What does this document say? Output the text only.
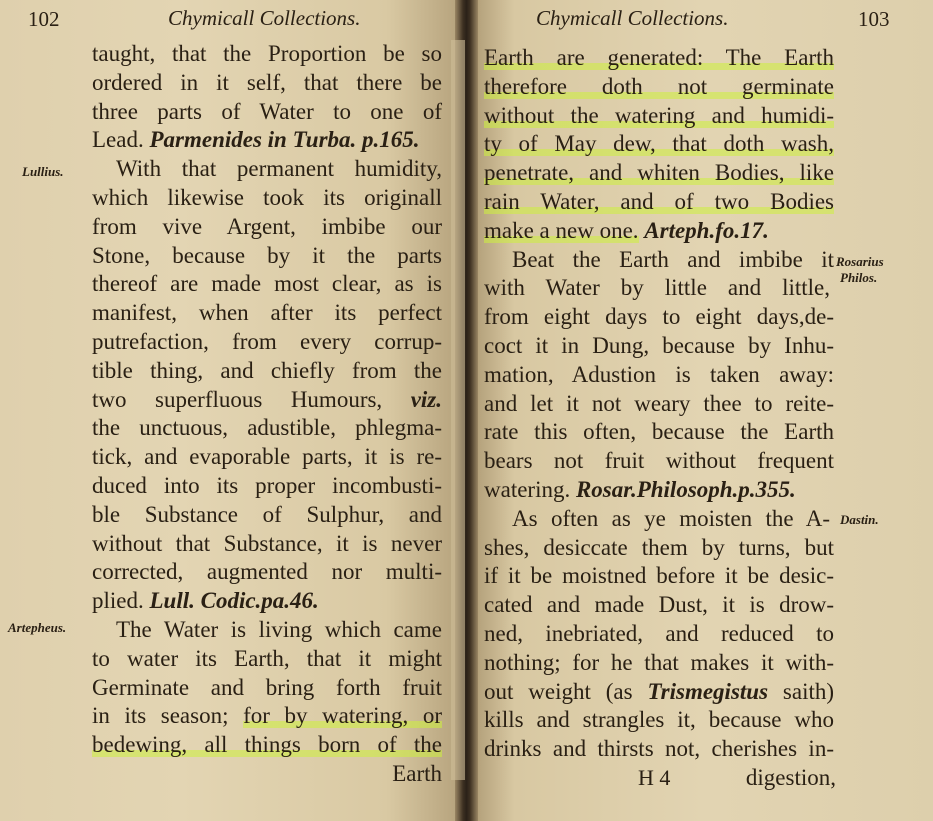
102	Chymicall Collections.
Lullius.
Artepheus.
taught, that the Proportion be so
ordered in it self, that there be
three parts of Water to one of
Lead. Parmenides in Turba. p.165.
With that permanent humidity,
which likewise took its originall
from vive Argent, imbibe our
Stone, because by it the parts
thereof are made most clear, as is
manifest, when after its perfect
putrefaction, from every corrup-
tible thing, and chiefly from the
two superfluous Humours, viz.
the unctuous, adustible, phlegma-
tick, and evaporable parts, it is re-
duced into its proper incombusti-
ble Substance of Sulphur, and
without that Substance, it is never
corrected, augmented nor multi-
plied. Lull. Codic.pa.46.
The Water is living which came
to water its Earth, that it might
Germinate and bring forth fruit
in its season; for by watering, or
bedewing, all things born of the
Earth
Chymicall Collections.	103
Rosarius
Philos.
Dastin.
Earth are generated: The Earth
therefore doth not germinate
without the watering and humidi-
ty of May dew, that doth wash,
penetrate, and whiten Bodies, like
rain Water, and of two Bodies
make a new one. Arteph.fo.17.
Beat the Earth and imbibe it
with Water by little and little,
from eight days to eight days,de-
coct it in Dung, because by Inhu-
mation, Adustion is taken away:
and let it not weary thee to reite-
rate this often, because the Earth
bears not fruit without frequent
watering. Rosar.Philosoph.p.355.
As often as ye moisten the A-
shes, desiccate them by turns, but
if it be moistned before it be desic-
cated and made Dust, it is drow-
ned, inebriated, and reduced to
nothing; for he that makes it with-
out weight (as Trismegistus saith)
kills and strangles it, because who
drinks and thirsts not, cherishes in-
H 4	digestion,
